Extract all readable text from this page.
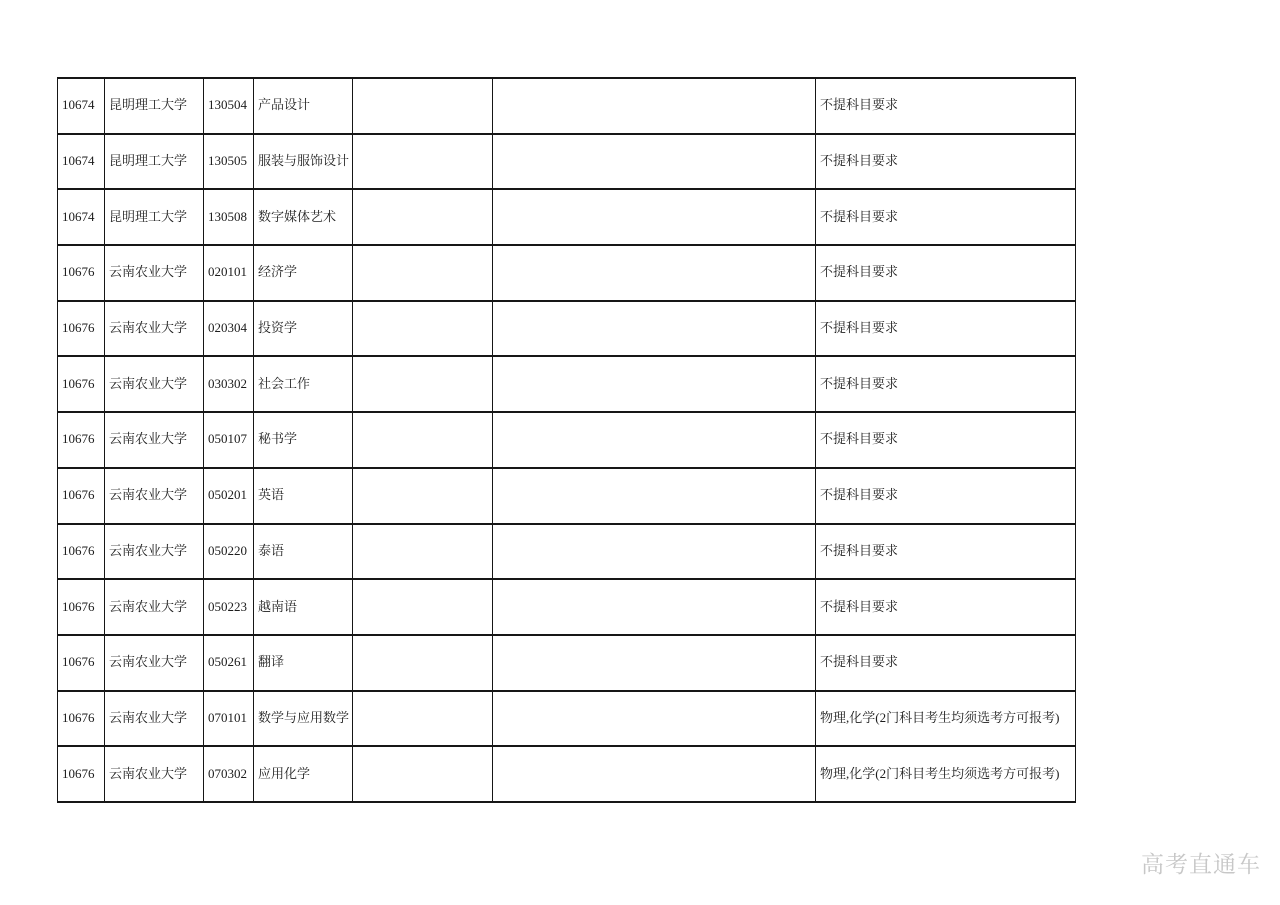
10674	昆明理工大学	130504	产品设计			不提科目要求
10674	昆明理工大学	130505	服装与服饰设计			不提科目要求
10674	昆明理工大学	130508	数字媒体艺术			不提科目要求
10676	云南农业大学	020101	经济学			不提科目要求
10676	云南农业大学	020304	投资学			不提科目要求
10676	云南农业大学	030302	社会工作			不提科目要求
10676	云南农业大学	050107	秘书学			不提科目要求
10676	云南农业大学	050201	英语			不提科目要求
10676	云南农业大学	050220	泰语			不提科目要求
10676	云南农业大学	050223	越南语			不提科目要求
10676	云南农业大学	050261	翻译			不提科目要求
10676	云南农业大学	070101	数学与应用数学			物理,化学(2门科目考生均须选考方可报考)
10676	云南农业大学	070302	应用化学			物理,化学(2门科目考生均须选考方可报考)
高考直通车
